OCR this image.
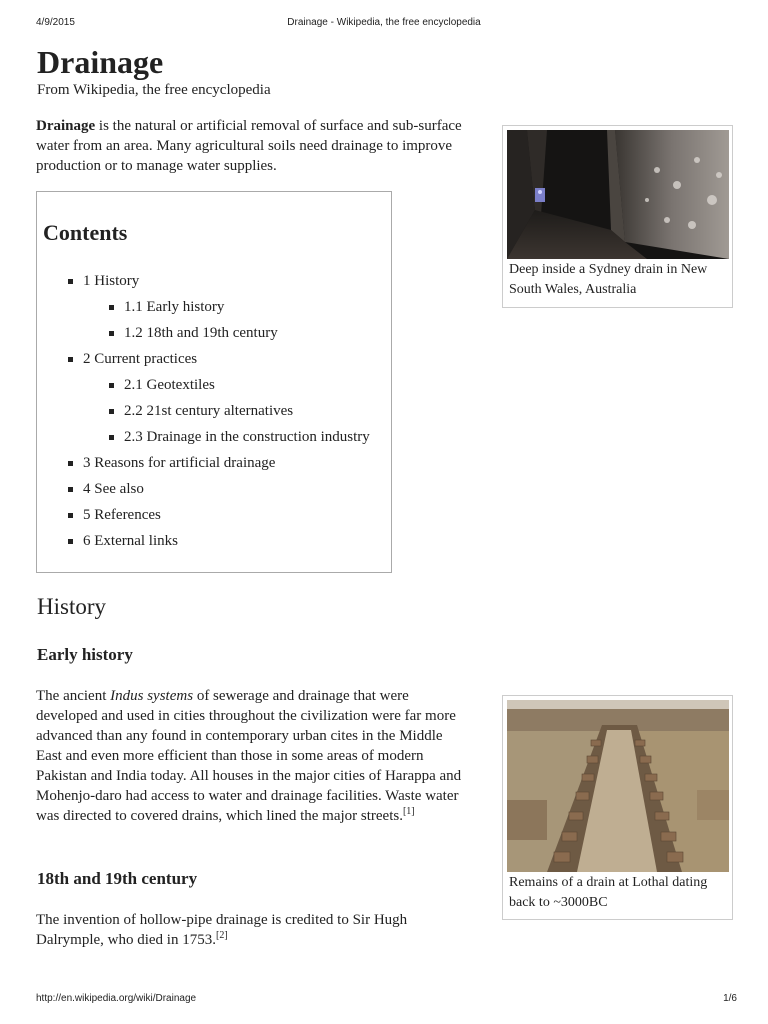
4/9/2015	Drainage - Wikipedia, the free encyclopedia
Drainage
From Wikipedia, the free encyclopedia

Drainage is the natural or artificial removal of surface and sub-surface water from an area. Many agricultural soils need drainage to improve production or to manage water supplies.

Contents
1 History
1.1 Early history
1.2 18th and 19th century
2 Current practices
2.1 Geotextiles
2.2 21st century alternatives
2.3 Drainage in the construction industry
3 Reasons for artificial drainage
4 See also
5 References
6 External links
Deep inside a Sydney drain in New South Wales, Australia
History
Early history

The ancient Indus systems of sewerage and drainage that were developed and used in cities throughout the civilization were far more advanced than any found in contemporary urban cites in the Middle East and even more efficient than those in some areas of modern Pakistan and India today. All houses in the major cities of Harappa and Mohenjo-daro had access to water and drainage facilities. Waste water was directed to covered drains, which lined the major streets.[1]

Remains of a drain at Lothal dating back to ~3000BC
18th and 19th century

The invention of hollow-pipe drainage is credited to Sir Hugh Dalrymple, who died in 1753.[2]

http://en.wikipedia.org/wiki/Drainage	1/6
